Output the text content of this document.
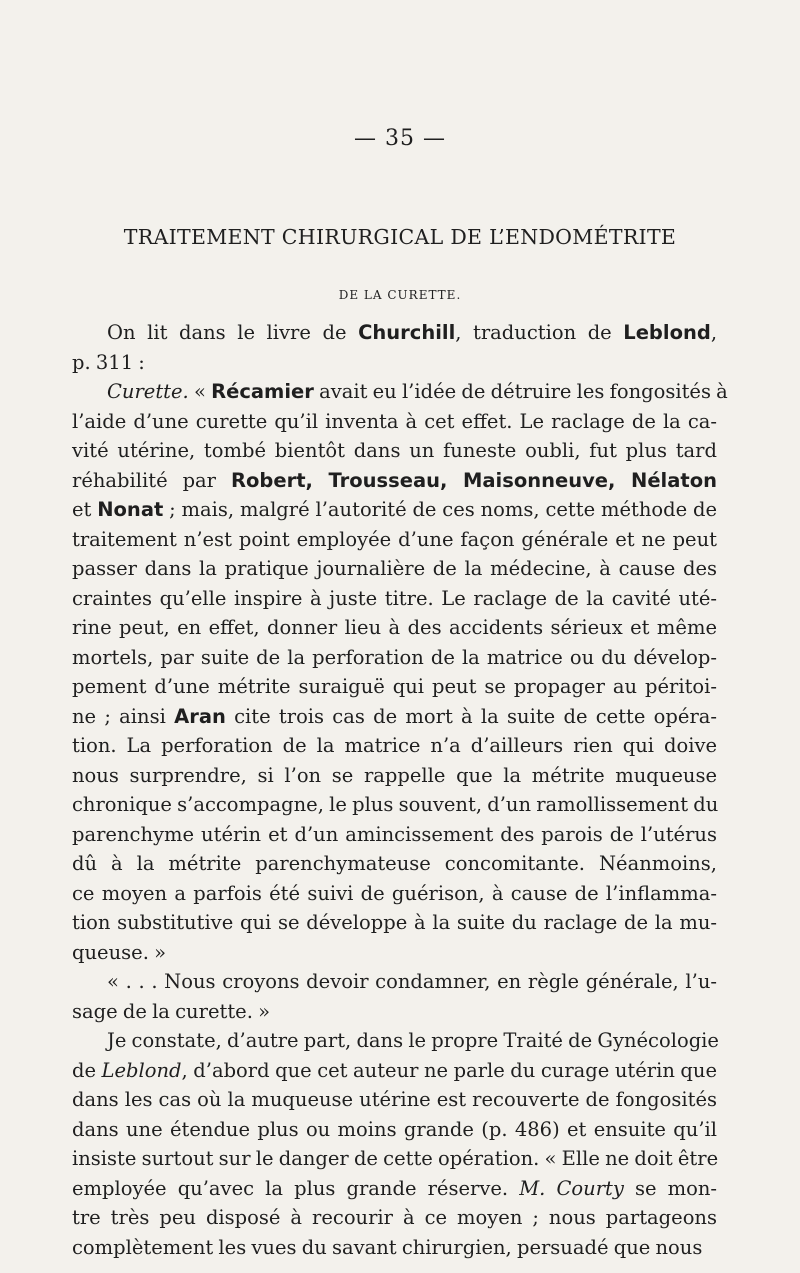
— 35 —
TRAITEMENT CHIRURGICAL DE L’ENDOMÉTRITE
DE LA CURETTE.
On lit dans le livre de Churchill, traduction de Leblond,
p. 311 :
Curette. « Récamier avait eu l’idée de détruire les fongosités à
l’aide d’une curette qu’il inventa à cet effet. Le raclage de la ca-
vité utérine, tombé bientôt dans un funeste oubli, fut plus tard
réhabilité par Robert, Trousseau, Maisonneuve, Nélaton
et Nonat ; mais, malgré l’autorité de ces noms, cette méthode de
traitement n’est point employée d’une façon générale et ne peut
passer dans la pratique journalière de la médecine, à cause des
craintes qu’elle inspire à juste titre. Le raclage de la cavité uté-
rine peut, en effet, donner lieu à des accidents sérieux et même
mortels, par suite de la perforation de la matrice ou du dévelop-
pement d’une métrite suraiguë qui peut se propager au péritoi-
ne ; ainsi Aran cite trois cas de mort à la suite de cette opéra-
tion. La perforation de la matrice n’a d’ailleurs rien qui doive
nous surprendre, si l’on se rappelle que la métrite muqueuse
chronique s’accompagne, le plus souvent, d’un ramollissement du
parenchyme utérin et d’un amincissement des parois de l’utérus
dû à la métrite parenchymateuse concomitante. Néanmoins,
ce moyen a parfois été suivi de guérison, à cause de l’inflamma-
tion substitutive qui se développe à la suite du raclage de la mu-
queuse. »
« . . . Nous croyons devoir condamner, en règle générale, l’u-
sage de la curette. »
Je constate, d’autre part, dans le propre Traité de Gynécologie
de Leblond, d’abord que cet auteur ne parle du curage utérin que
dans les cas où la muqueuse utérine est recouverte de fongosités
dans une étendue plus ou moins grande (p. 486) et ensuite qu’il
insiste surtout sur le danger de cette opération. « Elle ne doit être
employée qu’avec la plus grande réserve. M. Courty se mon-
tre très peu disposé à recourir à ce moyen ; nous partageons
complètement les vues du savant chirurgien, persuadé que nous
